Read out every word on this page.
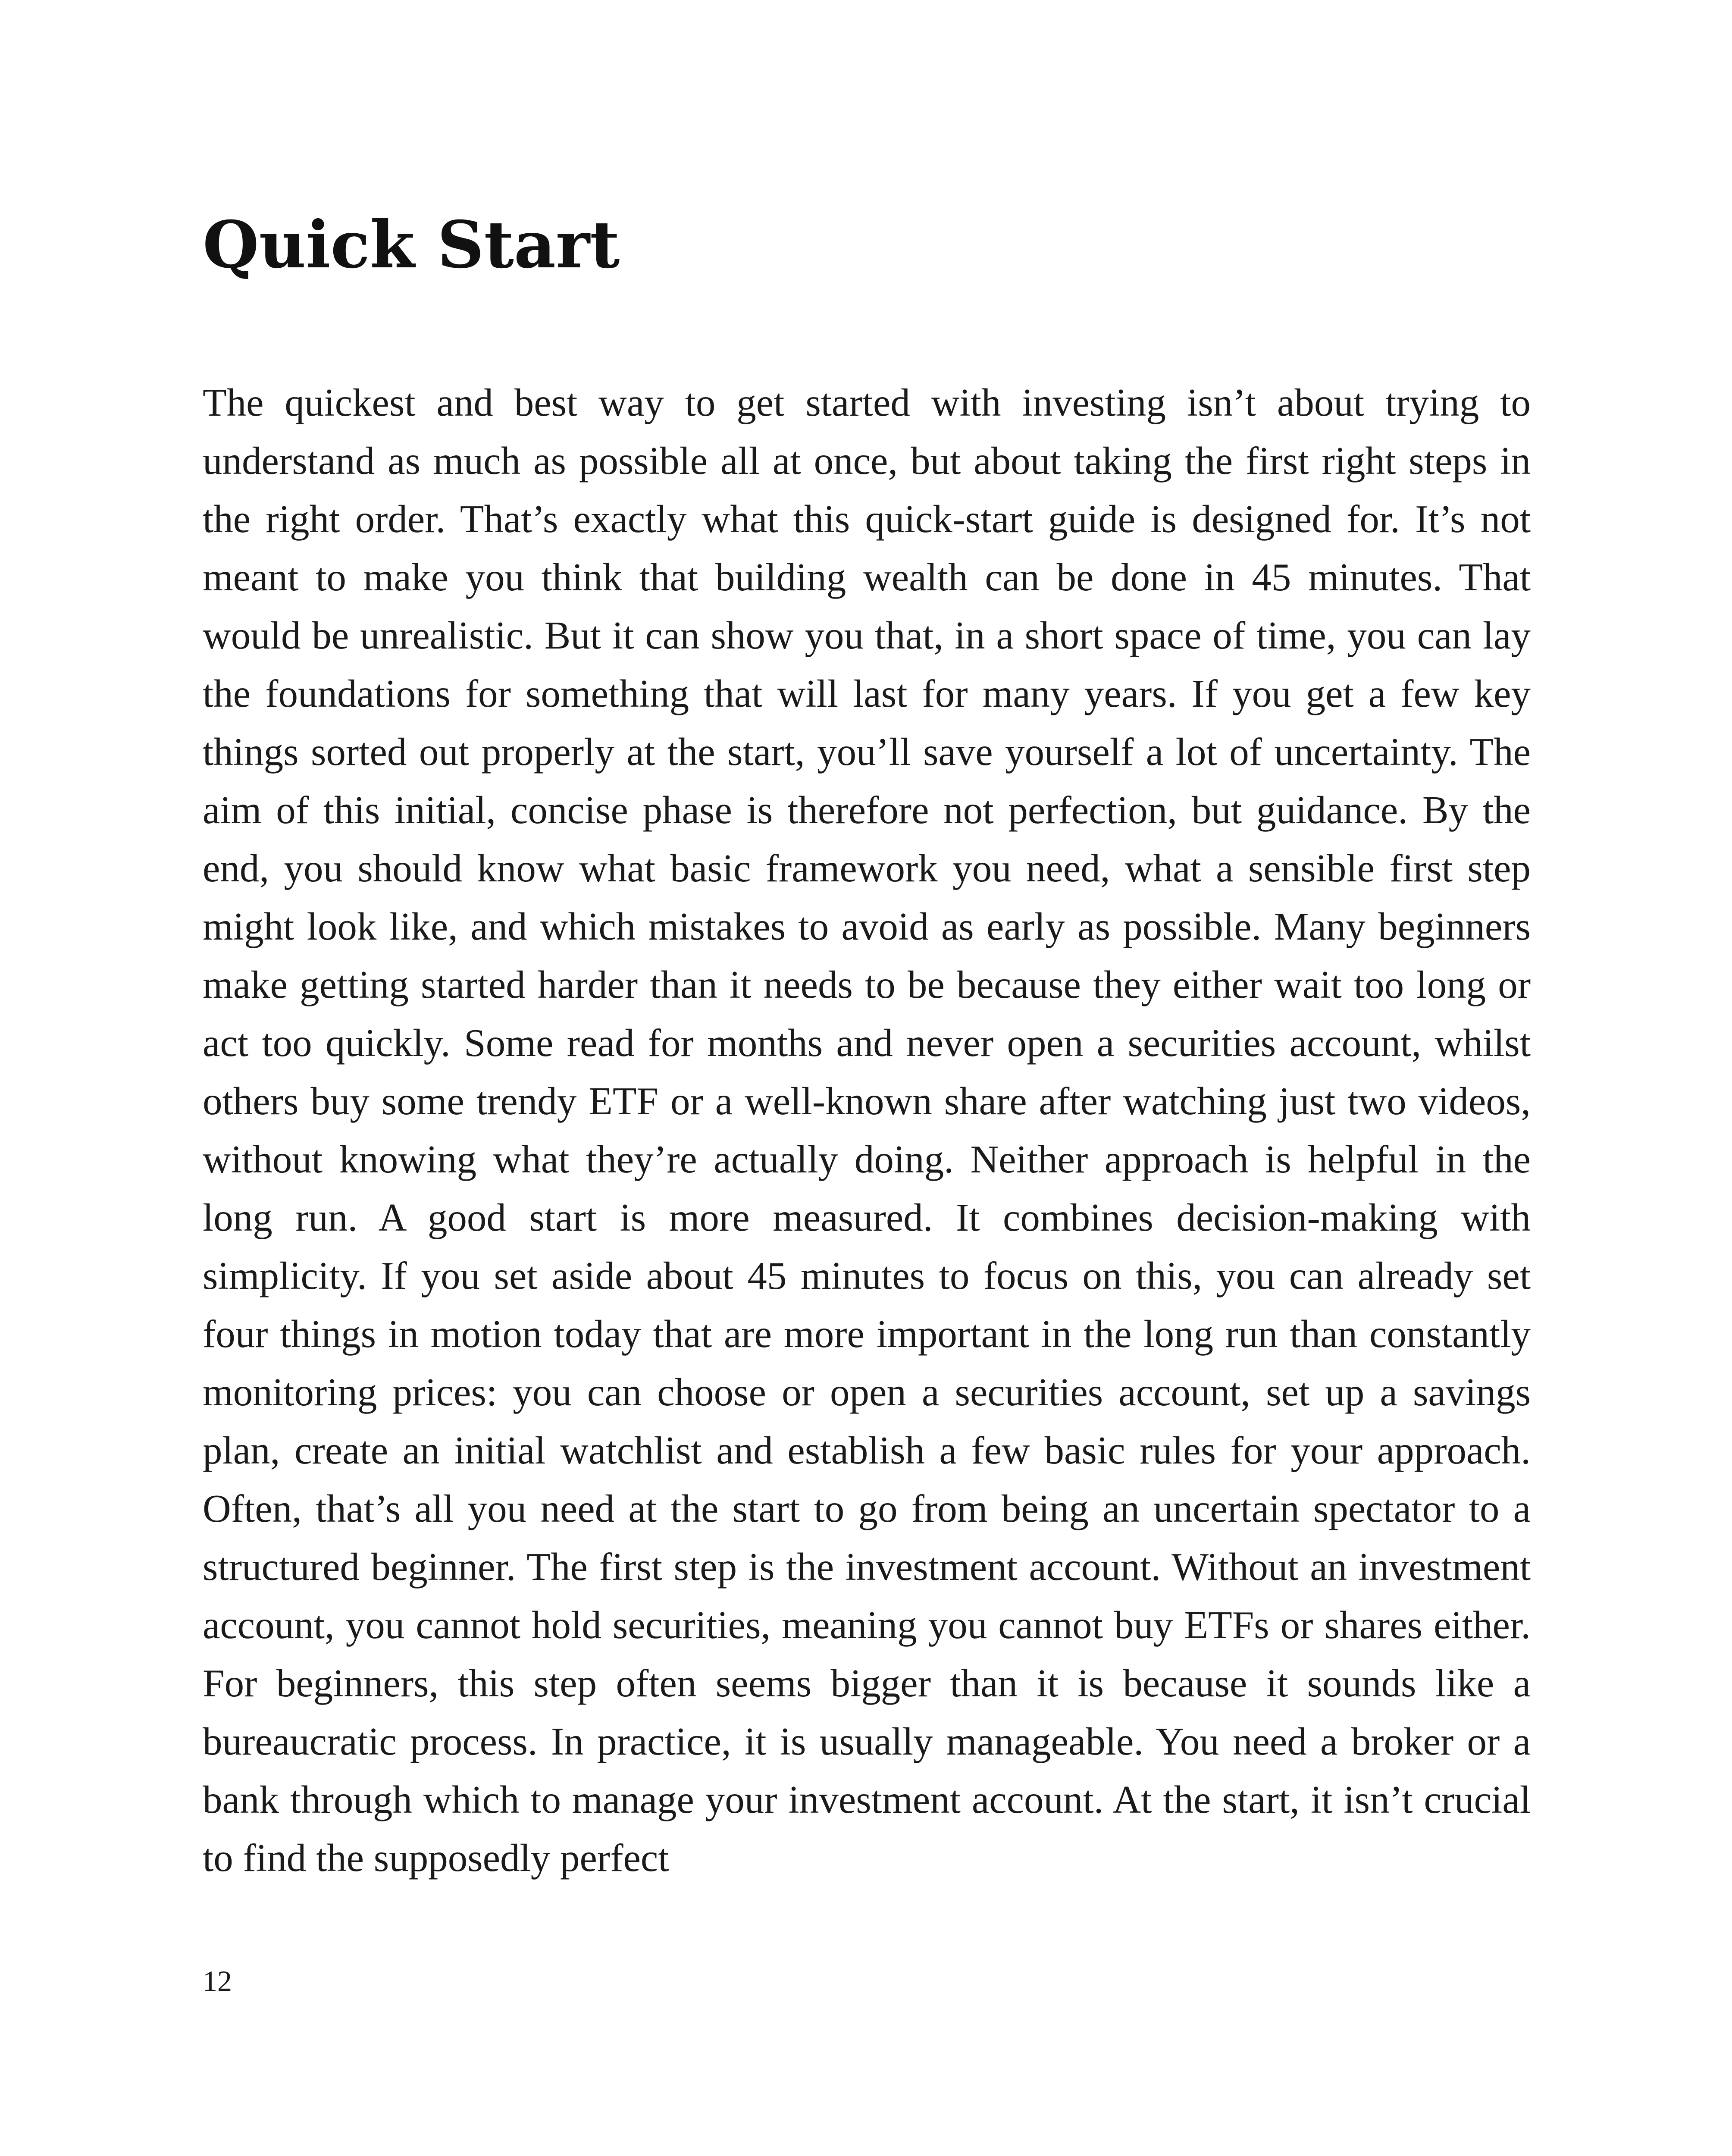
Quick Start

The quickest and best way to get started with investing isn’t about trying to understand as much as possible all at once, but about taking the first right steps in the right order. That’s exactly what this quick-start guide is designed for. It’s not meant to make you think that building wealth can be done in 45 minutes. That would be unrealistic. But it can show you that, in a short space of time, you can lay the foundations for something that will last for many years. If you get a few key things sorted out properly at the start, you’ll save yourself a lot of uncertainty. The aim of this initial, concise phase is therefore not perfection, but guidance. By the end, you should know what basic framework you need, what a sensible first step might look like, and which mistakes to avoid as early as possible. Many beginners make getting started harder than it needs to be because they either wait too long or act too quickly. Some read for months and never open a securities account, whilst others buy some trendy ETF or a well-known share after watching just two videos, without knowing what they’re actually doing. Neither approach is helpful in the long run. A good start is more measured. It combines decision-making with simplicity. If you set aside about 45 minutes to focus on this, you can already set four things in motion today that are more important in the long run than constantly monitoring prices: you can choose or open a securities account, set up a savings plan, create an initial watchlist and establish a few basic rules for your approach. Often, that’s all you need at the start to go from being an uncertain spectator to a structured beginner. The first step is the investment account. Without an investment account, you cannot hold securities, meaning you cannot buy ETFs or shares either. For beginners, this step often seems bigger than it is because it sounds like a bureaucratic process. In practice, it is usually manageable. You need a broker or a bank through which to manage your investment account. At the start, it isn’t crucial to find the supposedly perfect

12
